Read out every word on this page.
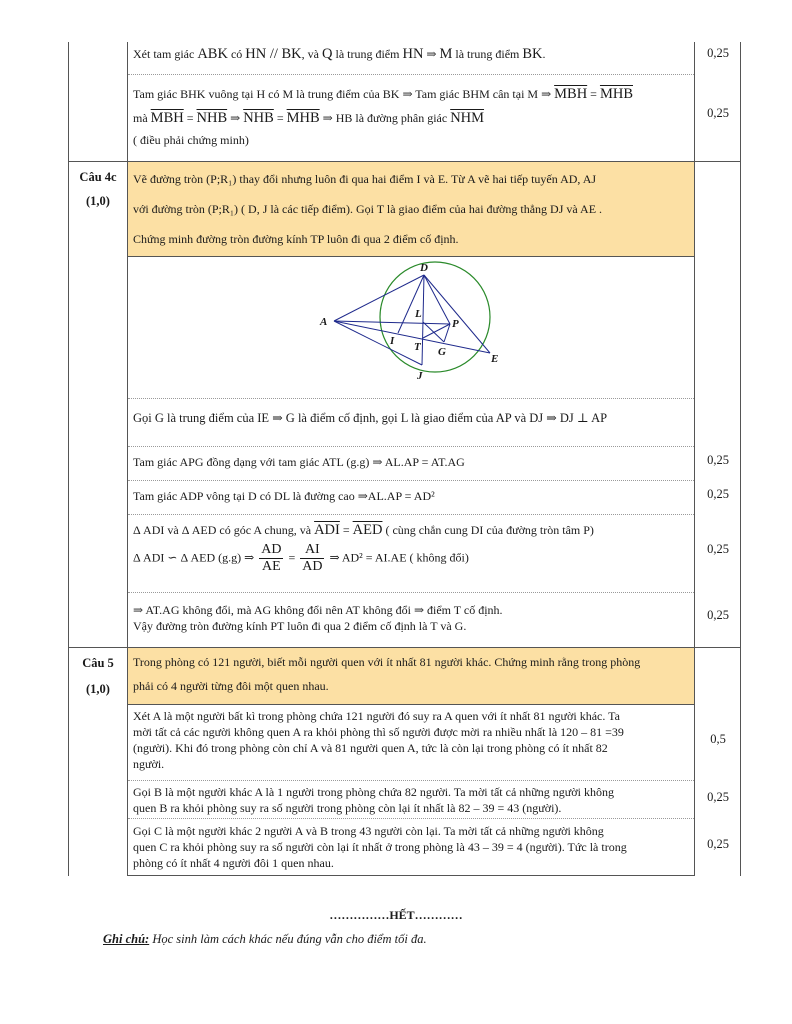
Xét tam giác ABK có HN // BK, và Q là trung điểm HN ⇒ M là trung điểm BK.	0,25
Tam giác BHK vuông tại H có M là trung điểm của BK ⇒ Tam giác BHM cân tại M ⇒ $\overline{MBH} = \overline{MHB}$
mà $\overline{MBH} = \overline{NHB}$ ⇒ $\overline{NHB} = \overline{MHB}$ ⇒ HB là đường phân giác $\overline{NHM}$
( điều phải chứng minh)
0,25
Câu 4c
(1,0)
Vẽ đường tròn (P;R₁) thay đổi nhưng luôn đi qua hai điểm I và E. Từ A vẽ hai tiếp tuyến AD, AJ
với đường tròn (P;R₁) ( D, J là các tiếp điểm). Gọi T là giao điểm của hai đường thẳng DJ và AE .
Chứng minh đường tròn đường kính TP luôn đi qua 2 điểm cố định.
A
D
L
P
I T G
E
J
Gọi G là trung điểm của IE ⇒ G là điểm cố định, gọi L là giao điểm của AP và DJ ⇒ DJ ⊥ AP
Tam giác APG đồng dạng với tam giác ATL (g.g) ⇒ AL.AP = AT.AG	0,25
Tam giác ADP vông tại D có DL là đường cao ⇒AL.AP = AD²	0,25
Δ ADI và Δ AED có góc A chung, và $\overline{ADI} = \overline{AED}$ ( cùng chắn cung DI của đường tròn tâm P)
Δ ADI ∽ Δ AED (g.g) ⇒ $\frac{AD}{AE} = \frac{AI}{AD}$ ⇒ AD² = AI.AE ( không đổi)
0,25
⇒ AT.AG không đổi, mà AG không đổi nên AT không đổi ⇒ điểm T cố định.
Vậy đường tròn đường kính PT luôn đi qua 2 điểm cố định là T và G.
0,25
Câu 5
(1,0)
Trong phòng có 121 người, biết mỗi người quen với ít nhất 81 người khác. Chứng minh rằng trong phòng
phải có 4 người từng đôi một quen nhau.
Xét A là một người bất kì trong phòng chứa 121 người đó suy ra A quen với ít nhất 81 người khác. Ta
mời tất cả các người không quen A ra khỏi phòng thì số người được mời ra nhiều nhất là 120 – 81 =39
(người). Khi đó trong phòng còn chỉ A và 81 người quen A, tức là còn lại trong phòng có ít nhất 82
người.
0,5
Gọi B là một người khác A là 1 người trong phòng chứa 82 người. Ta mời tất cả những người không
quen B ra khỏi phòng suy ra số người trong phòng còn lại ít nhất là 82 – 39 = 43 (người).
0,25
Gọi C là một người khác 2 người A và B trong 43 người còn lại. Ta mời tất cả những người không
quen C ra khỏi phòng suy ra số người còn lại ít nhất ở trong phòng là 43 – 39 = 4 (người). Tức là trong
phòng có ít nhất 4 người đôi 1 quen nhau.
0,25
……………HẾT…………
Ghi chú: Học sinh làm cách khác nếu đúng vẫn cho điểm tối đa.
